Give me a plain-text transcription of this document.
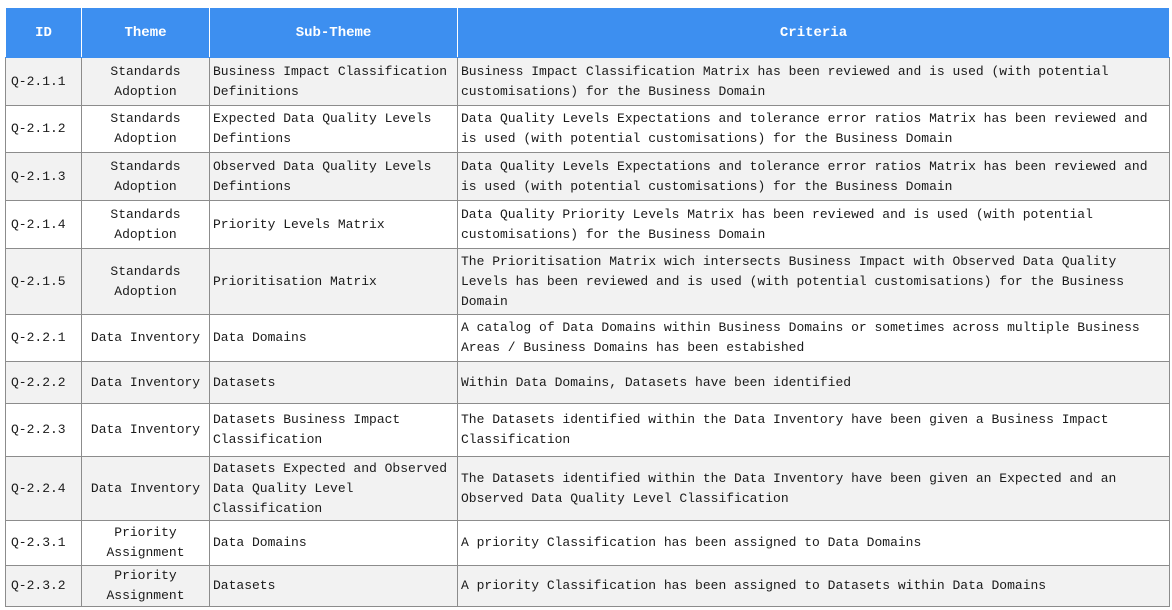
ID	Theme	Sub-Theme	Criteria
Q-2.1.1	Standards Adoption	Business Impact Classification Definitions	Business Impact Classification Matrix has been reviewed and is used (with potential customisations) for the Business Domain
Q-2.1.2	Standards Adoption	Expected Data Quality Levels Defintions	Data Quality Levels Expectations and tolerance error ratios Matrix has been reviewed and is used (with potential customisations) for the Business Domain
Q-2.1.3	Standards Adoption	Observed Data Quality Levels Defintions	Data Quality Levels Expectations and tolerance error ratios Matrix has been reviewed and is used (with potential customisations) for the Business Domain
Q-2.1.4	Standards Adoption	Priority Levels Matrix	Data Quality Priority Levels Matrix has been reviewed and is used (with potential customisations) for the Business Domain
Q-2.1.5	Standards Adoption	Prioritisation Matrix	The Prioritisation Matrix wich intersects Business Impact with Observed Data Quality Levels has been reviewed and is used (with potential customisations) for the Business Domain
Q-2.2.1	Data Inventory	Data Domains	A catalog of Data Domains within Business Domains or sometimes across multiple Business Areas / Business Domains has been estabished
Q-2.2.2	Data Inventory	Datasets	Within Data Domains, Datasets have been identified
Q-2.2.3	Data Inventory	Datasets Business Impact Classification	The Datasets identified within the Data Inventory have been given a Business Impact Classification
Q-2.2.4	Data Inventory	Datasets Expected and Observed Data Quality Level Classification	The Datasets identified within the Data Inventory have been given an Expected and an Observed Data Quality Level Classification
Q-2.3.1	Priority Assignment	Data Domains	A priority Classification has been assigned to Data Domains
Q-2.3.2	Priority Assignment	Datasets	A priority Classification has been assigned to Datasets within Data Domains
